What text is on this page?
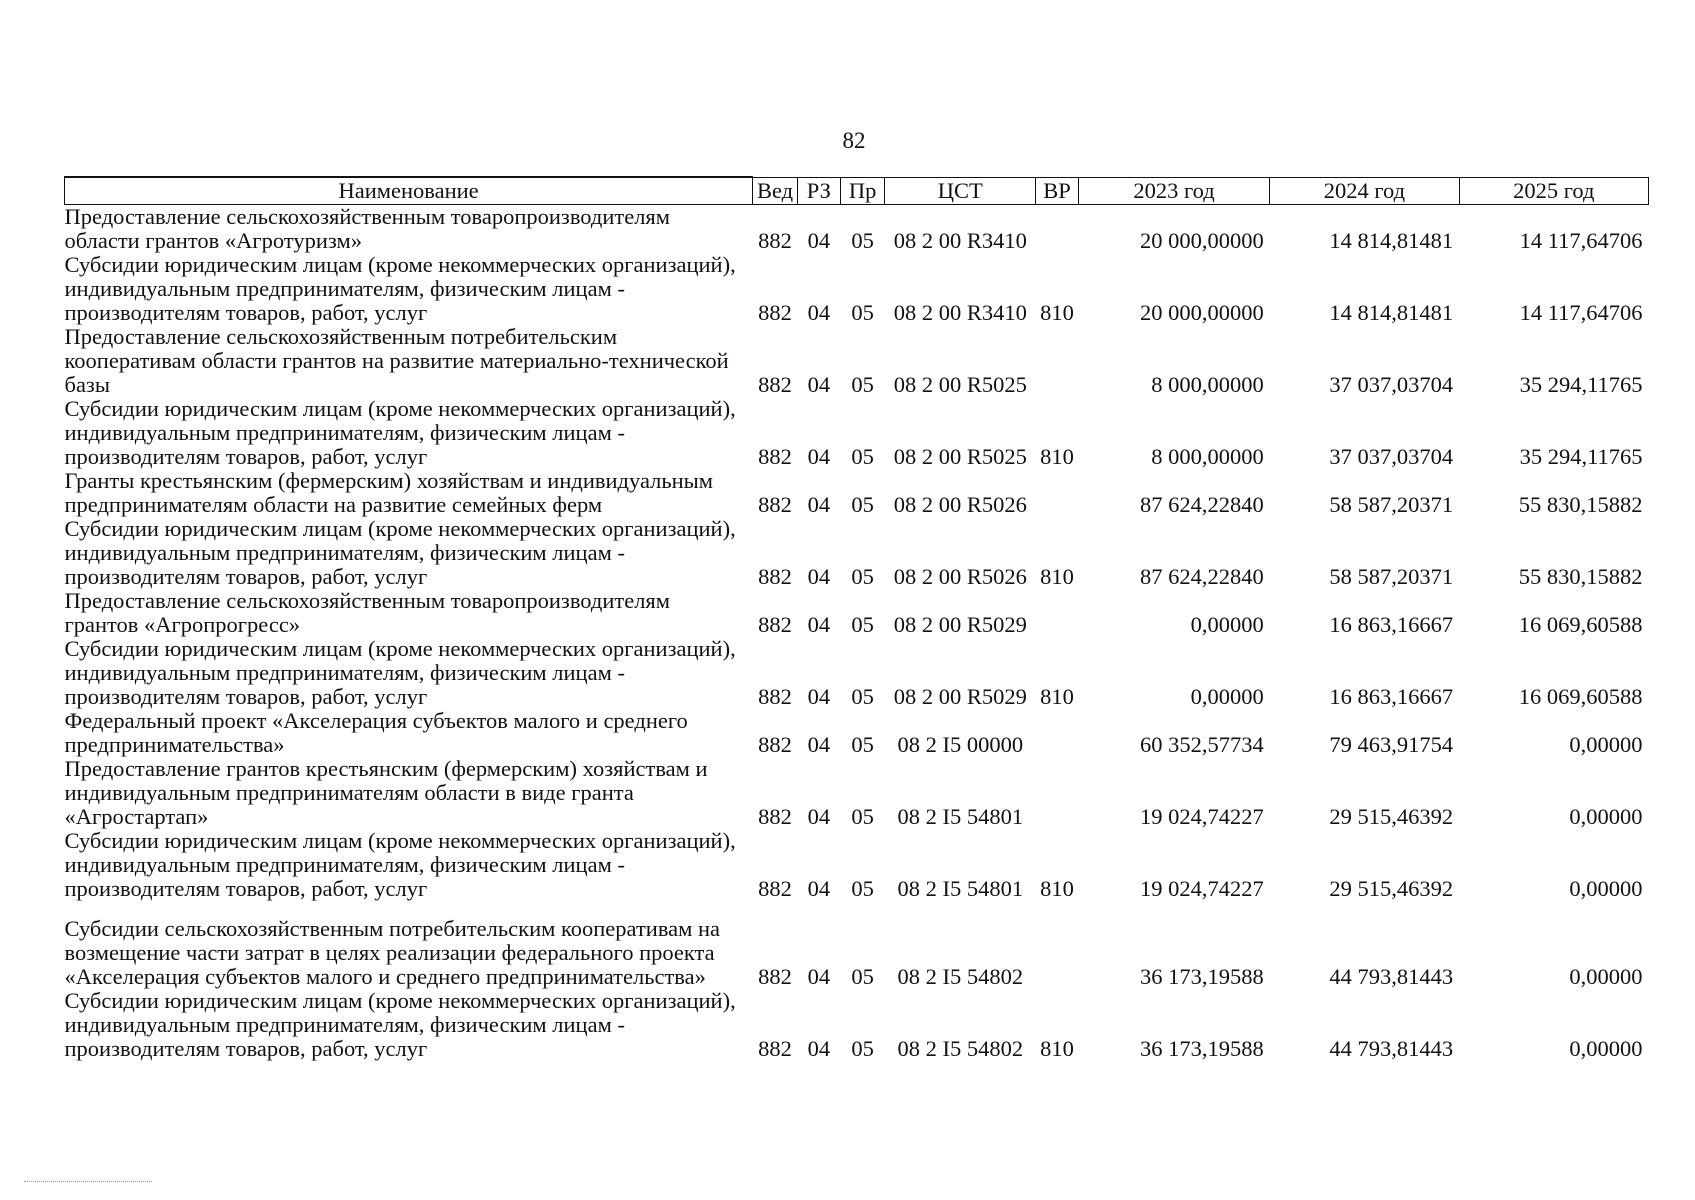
82
Наименование	Вед	РЗ	Пр	ЦСТ	ВР	2023 год	2024 год	2025 год
Предоставление сельскохозяйственным товаропроизводителям области грантов «Агротуризм»	882	04	05	08 2 00 R3410		20 000,00000	14 814,81481	14 117,64706
Субсидии юридическим лицам (кроме некоммерческих организаций), индивидуальным предпринимателям, физическим лицам - производителям товаров, работ, услуг	882	04	05	08 2 00 R3410	810	20 000,00000	14 814,81481	14 117,64706
Предоставление сельскохозяйственным потребительским кооперативам области грантов на развитие материально-технической базы	882	04	05	08 2 00 R5025		8 000,00000	37 037,03704	35 294,11765
Субсидии юридическим лицам (кроме некоммерческих организаций), индивидуальным предпринимателям, физическим лицам - производителям товаров, работ, услуг	882	04	05	08 2 00 R5025	810	8 000,00000	37 037,03704	35 294,11765
Гранты крестьянским (фермерским) хозяйствам и индивидуальным предпринимателям области на развитие семейных ферм	882	04	05	08 2 00 R5026		87 624,22840	58 587,20371	55 830,15882
Субсидии юридическим лицам (кроме некоммерческих организаций), индивидуальным предпринимателям, физическим лицам - производителям товаров, работ, услуг	882	04	05	08 2 00 R5026	810	87 624,22840	58 587,20371	55 830,15882
Предоставление сельскохозяйственным товаропроизводителям грантов «Агропрогресс»	882	04	05	08 2 00 R5029		0,00000	16 863,16667	16 069,60588
Субсидии юридическим лицам (кроме некоммерческих организаций), индивидуальным предпринимателям, физическим лицам - производителям товаров, работ, услуг	882	04	05	08 2 00 R5029	810	0,00000	16 863,16667	16 069,60588
Федеральный проект «Акселерация субъектов малого и среднего предпринимательства»	882	04	05	08 2 I5 00000		60 352,57734	79 463,91754	0,00000
Предоставление грантов крестьянским (фермерским) хозяйствам и индивидуальным предпринимателям области в виде гранта «Агростартап»	882	04	05	08 2 I5 54801		19 024,74227	29 515,46392	0,00000
Субсидии юридическим лицам (кроме некоммерческих организаций), индивидуальным предпринимателям, физическим лицам - производителям товаров, работ, услуг	882	04	05	08 2 I5 54801	810	19 024,74227	29 515,46392	0,00000
Субсидии сельскохозяйственным потребительским кооперативам на возмещение части затрат в целях реализации федерального проекта «Акселерация субъектов малого и среднего предпринимательства»	882	04	05	08 2 I5 54802		36 173,19588	44 793,81443	0,00000
Субсидии юридическим лицам (кроме некоммерческих организаций), индивидуальным предпринимателям, физическим лицам - производителям товаров, работ, услуг	882	04	05	08 2 I5 54802	810	36 173,19588	44 793,81443	0,00000
